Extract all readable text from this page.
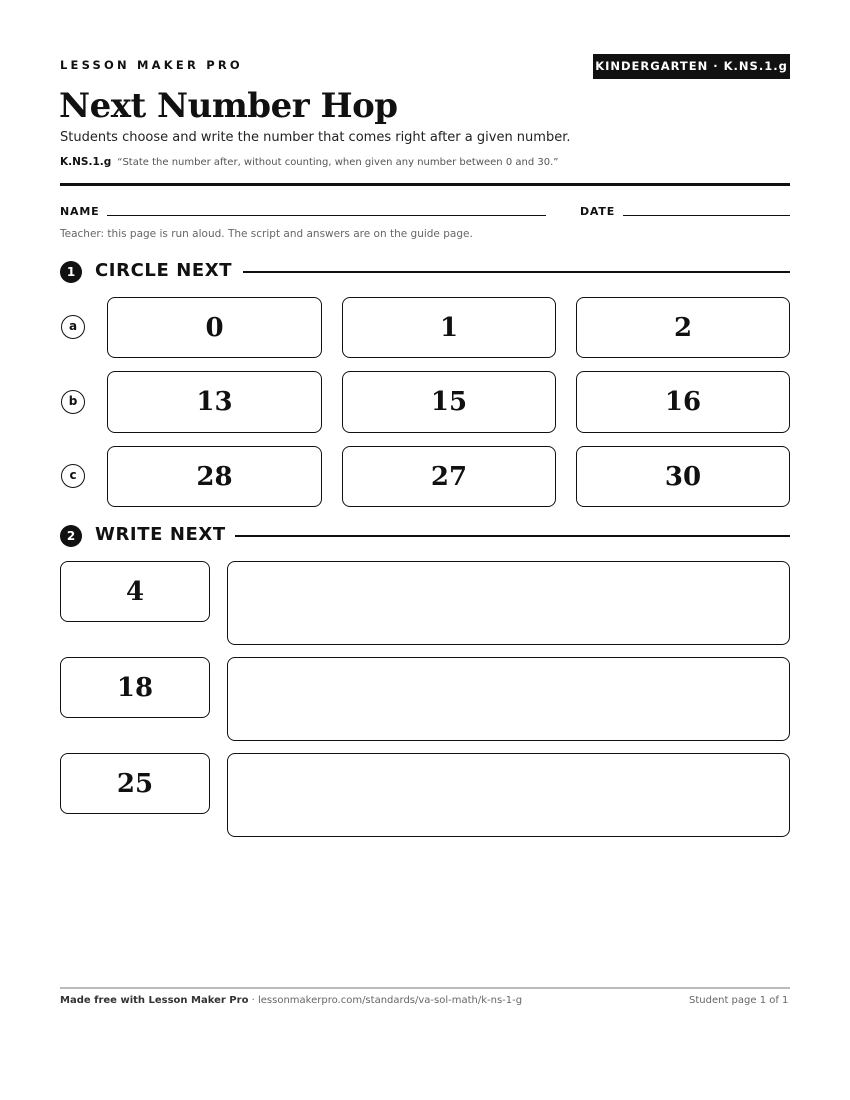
LESSON MAKER PRO	KINDERGARTEN · K.NS.1.g
Next Number Hop
Students choose and write the number that comes right after a given number.
K.NS.1.g “State the number after, without counting, when given any number between 0 and 30.”
NAME	DATE
Teacher: this page is run aloud. The script and answers are on the guide page.
1	CIRCLE NEXT
a	0	1	2
b	13	15	16
c	28	27	30
2	WRITE NEXT
4
18
25
Made free with Lesson Maker Pro · lessonmakerpro.com/standards/va-sol-math/k-ns-1-g	Student page 1 of 1
